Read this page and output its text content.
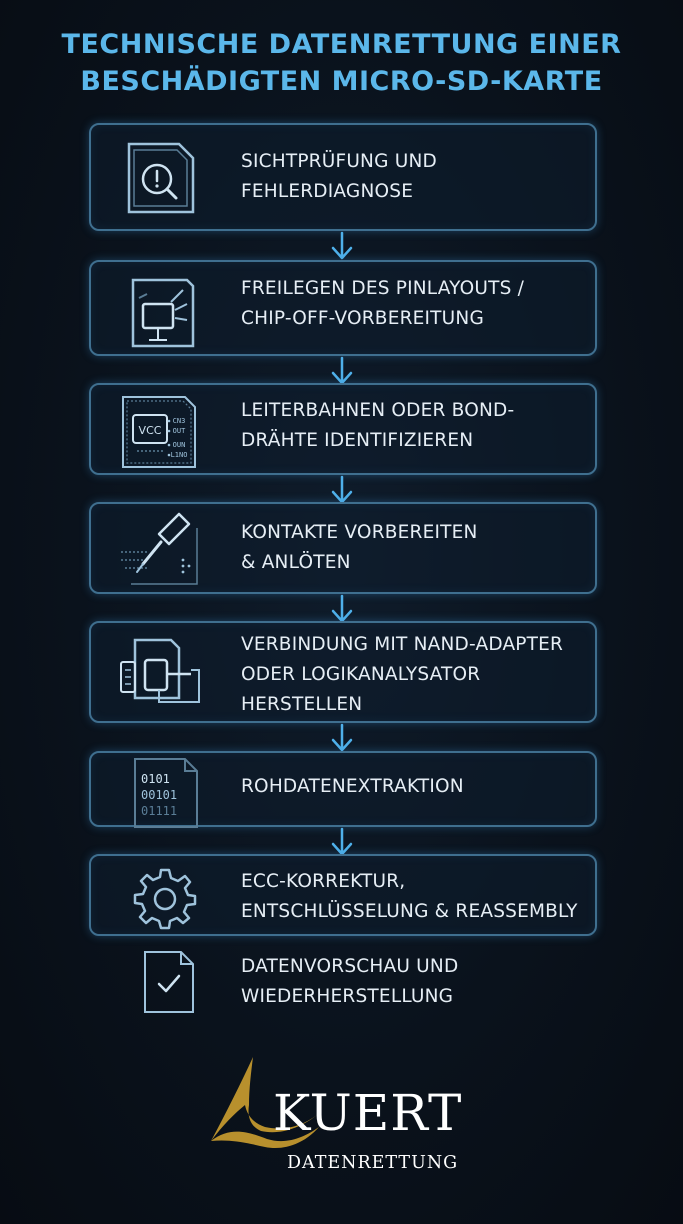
TECHNISCHE DATENRETTUNG EINER
BESCHÄDIGTEN MICRO-SD-KARTE
SICHTPRÜFUNG UND
FEHLERDIAGNOSE
FREILEGEN DES PINLAYOUTS /
CHIP-OFF-VORBEREITUNG
VCC
CN3
OUT
OUN
L1NO
LEITERBAHNEN ODER BOND-
DRÄHTE IDENTIFIZIEREN
KONTAKTE VORBEREITEN
& ANLÖTEN
VERBINDUNG MIT NAND-ADAPTER
ODER LOGIKANALYSATOR
HERSTELLEN
0101
00101
01111
ROHDATENEXTRAKTION
ECC-KORREKTUR,
ENTSCHLÜSSELUNG & REASSEMBLY
DATENVORSCHAU UND
WIEDERHERSTELLUNG
KUERT
DATENRETTUNG
